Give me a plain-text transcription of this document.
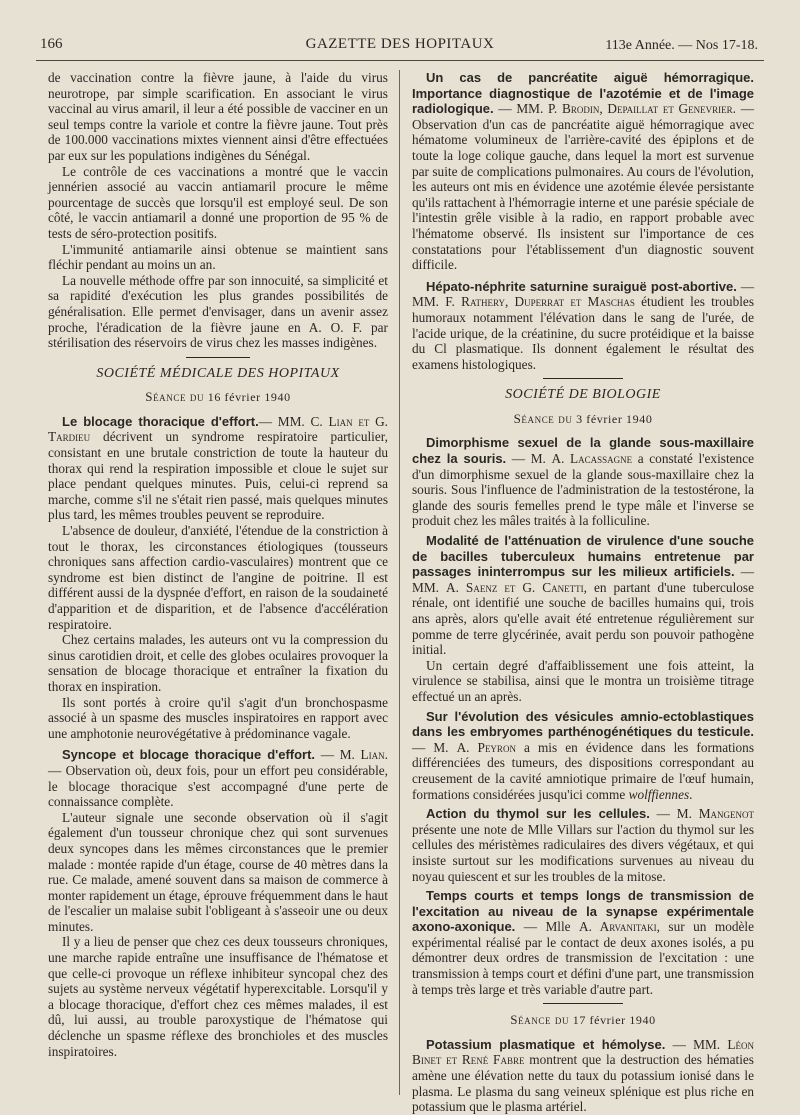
166	GAZETTE DES HOPITAUX	113e Année. — Nos 17-18.

de vaccination contre la fièvre jaune, à l'aide du virus neurotrope, par simple scarification. En associant le virus vaccinal au virus amaril, il leur a été possible de vacciner en un seul temps contre la variole et contre la fièvre jaune. Tout près de 100.000 vaccinations mixtes viennent ainsi d'être effectuées par eux sur les populations indigènes du Sénégal.

Le contrôle de ces vaccinations a montré que le vaccin jennérien associé au vaccin antiamaril procure le même pourcentage de succès que lorsqu'il est employé seul. De son côté, le vaccin antiamaril a donné une proportion de 95 % de tests de séro-protection positifs.

L'immunité antiamarile ainsi obtenue se maintient sans fléchir pendant au moins un an.

La nouvelle méthode offre par son innocuité, sa simplicité et sa rapidité d'exécution les plus grandes possibilités de généralisation. Elle permet d'envisager, dans un avenir assez proche, l'éradication de la fièvre jaune en A. O. F. par stérilisation des réservoirs de virus chez les masses indigènes.

SOCIÉTÉ MÉDICALE DES HOPITAUX
Séance du 16 février 1940

Le blocage thoracique d'effort.— MM. C. Lian et G. Tardieu décrivent un syndrome respiratoire particulier, consistant en une brutale constriction de toute la hauteur du thorax qui rend la respiration impossible et cloue le sujet sur place pendant quelques minutes. Puis, celui-ci reprend sa marche, comme s'il ne s'était rien passé, mais quelques minutes plus tard, les mêmes troubles peuvent se reproduire.

L'absence de douleur, d'anxiété, l'étendue de la constriction à tout le thorax, les circonstances étiologiques (tousseurs chroniques sans affection cardio-vasculaires) montrent que ce syndrome est bien distinct de l'angine de poitrine. Il est différent aussi de la dyspnée d'effort, en raison de la soudaineté d'apparition et de disparition, et de l'absence d'accélération respiratoire.

Chez certains malades, les auteurs ont vu la compression du sinus carotidien droit, et celle des globes oculaires provoquer la sensation de blocage thoracique et entraîner la fixation du thorax en inspiration.

Ils sont portés à croire qu'il s'agit d'un bronchospasme associé à un spasme des muscles inspiratoires en rapport avec une amphotonie neurovégétative à prédominance vagale.

Syncope et blocage thoracique d'effort. — M. Lian. — Observation où, deux fois, pour un effort peu considérable, le blocage thoracique s'est accompagné d'une perte de connaissance complète.

L'auteur signale une seconde observation où il s'agit également d'un tousseur chronique chez qui sont survenues deux syncopes dans les mêmes circonstances que le premier malade : montée rapide d'un étage, course de 40 mètres dans la rue. Ce malade, amené souvent dans sa maison de commerce à monter rapidement un étage, éprouve fréquemment dans le haut de l'escalier un malaise subit l'obligeant à s'asseoir une ou deux minutes.

Il y a lieu de penser que chez ces deux tousseurs chroniques, une marche rapide entraîne une insuffisance de l'hématose et que celle-ci provoque un réflexe inhibiteur syncopal chez des sujets au système nerveux végétatif hyperexcitable. Lorsqu'il y a blocage thoracique, d'effort chez ces mêmes malades, il est dû, lui aussi, au trouble paroxystique de l'hématose qui déclenche un spasme réflexe des bronchioles et des muscles inspiratoires.

Un cas de pancréatite aiguë hémorragique. Importance diagnostique de l'azotémie et de l'image radiologique. — MM. P. Brodin, Depaillat et Genevrier. — Observation d'un cas de pancréatite aiguë hémorragique avec hématome volumineux de l'arrière-cavité des épiplons et de toute la loge colique gauche, dans lequel la mort est survenue par suite de complications pulmonaires. Au cours de l'évolution, les auteurs ont mis en évidence une azotémie élevée persistante qu'ils rattachent à l'hémorragie interne et une parésie spéciale de l'intestin grêle visible à la radio, en rapport probable avec l'hématome observé. Ils insistent sur l'importance de ces constatations pour l'établissement d'un diagnostic souvent difficile.

Hépato-néphrite saturnine suraiguë post-abortive. — MM. F. Rathery, Duperrat et Maschas étudient les troubles humoraux notamment l'élévation dans le sang de l'urée, de l'acide urique, de la créatinine, du sucre protéidique et la baisse du Cl plasmatique. Ils donnent également le résultat des examens histologiques.

SOCIÉTÉ DE BIOLOGIE
Séance du 3 février 1940

Dimorphisme sexuel de la glande sous-maxillaire chez la souris. — M. A. Lacassagne a constaté l'existence d'un dimorphisme sexuel de la glande sous-maxillaire chez la souris. Sous l'influence de l'administration de la testostérone, la glande des souris femelles prend le type mâle et l'inverse se produit chez les mâles traités à la folliculine.

Modalité de l'atténuation de virulence d'une souche de bacilles tuberculeux humains entretenue par passages ininterrompus sur les milieux artificiels. — MM. A. Saenz et G. Canetti, en partant d'une tuberculose rénale, ont identifié une souche de bacilles humains qui, trois ans après, alors qu'elle avait été entretenue régulièrement sur pomme de terre glycérinée, avait perdu son pouvoir pathogène initial.

Un certain degré d'affaiblissement une fois atteint, la virulence se stabilisa, ainsi que le montra un troisième titrage effectué un an après.

Sur l'évolution des vésicules amnio-ectoblastiques dans les embryomes parthénogénétiques du testicule. — M. A. Peyron a mis en évidence dans les formations différenciées des tumeurs, des dispositions correspondant au creusement de la cavité amniotique primaire de l'œuf humain, formations considérées jusqu'ici comme wolffiennes.

Action du thymol sur les cellules. — M. Mangenot présente une note de Mlle Villars sur l'action du thymol sur les cellules des méristèmes radiculaires des divers végétaux, et qui insiste surtout sur les modifications survenues au niveau du noyau quiescent et sur les troubles de la mitose.

Temps courts et temps longs de transmission de l'excitation au niveau de la synapse expérimentale axono-axonique. — Mlle A. Arvanitaki, sur un modèle expérimental réalisé par le contact de deux axones isolés, a pu démontrer deux ordres de transmission de l'excitation : une transmission à temps court et défini d'une part, une transmission à temps très large et très variable d'autre part.

Séance du 17 février 1940

Potassium plasmatique et hémolyse. — MM. Léon Binet et René Fabre montrent que la destruction des hématies amène une élévation nette du taux du potassium ionisé dans le plasma. Le plasma du sang veineux splénique est plus riche en potassium que le plasma artériel.
